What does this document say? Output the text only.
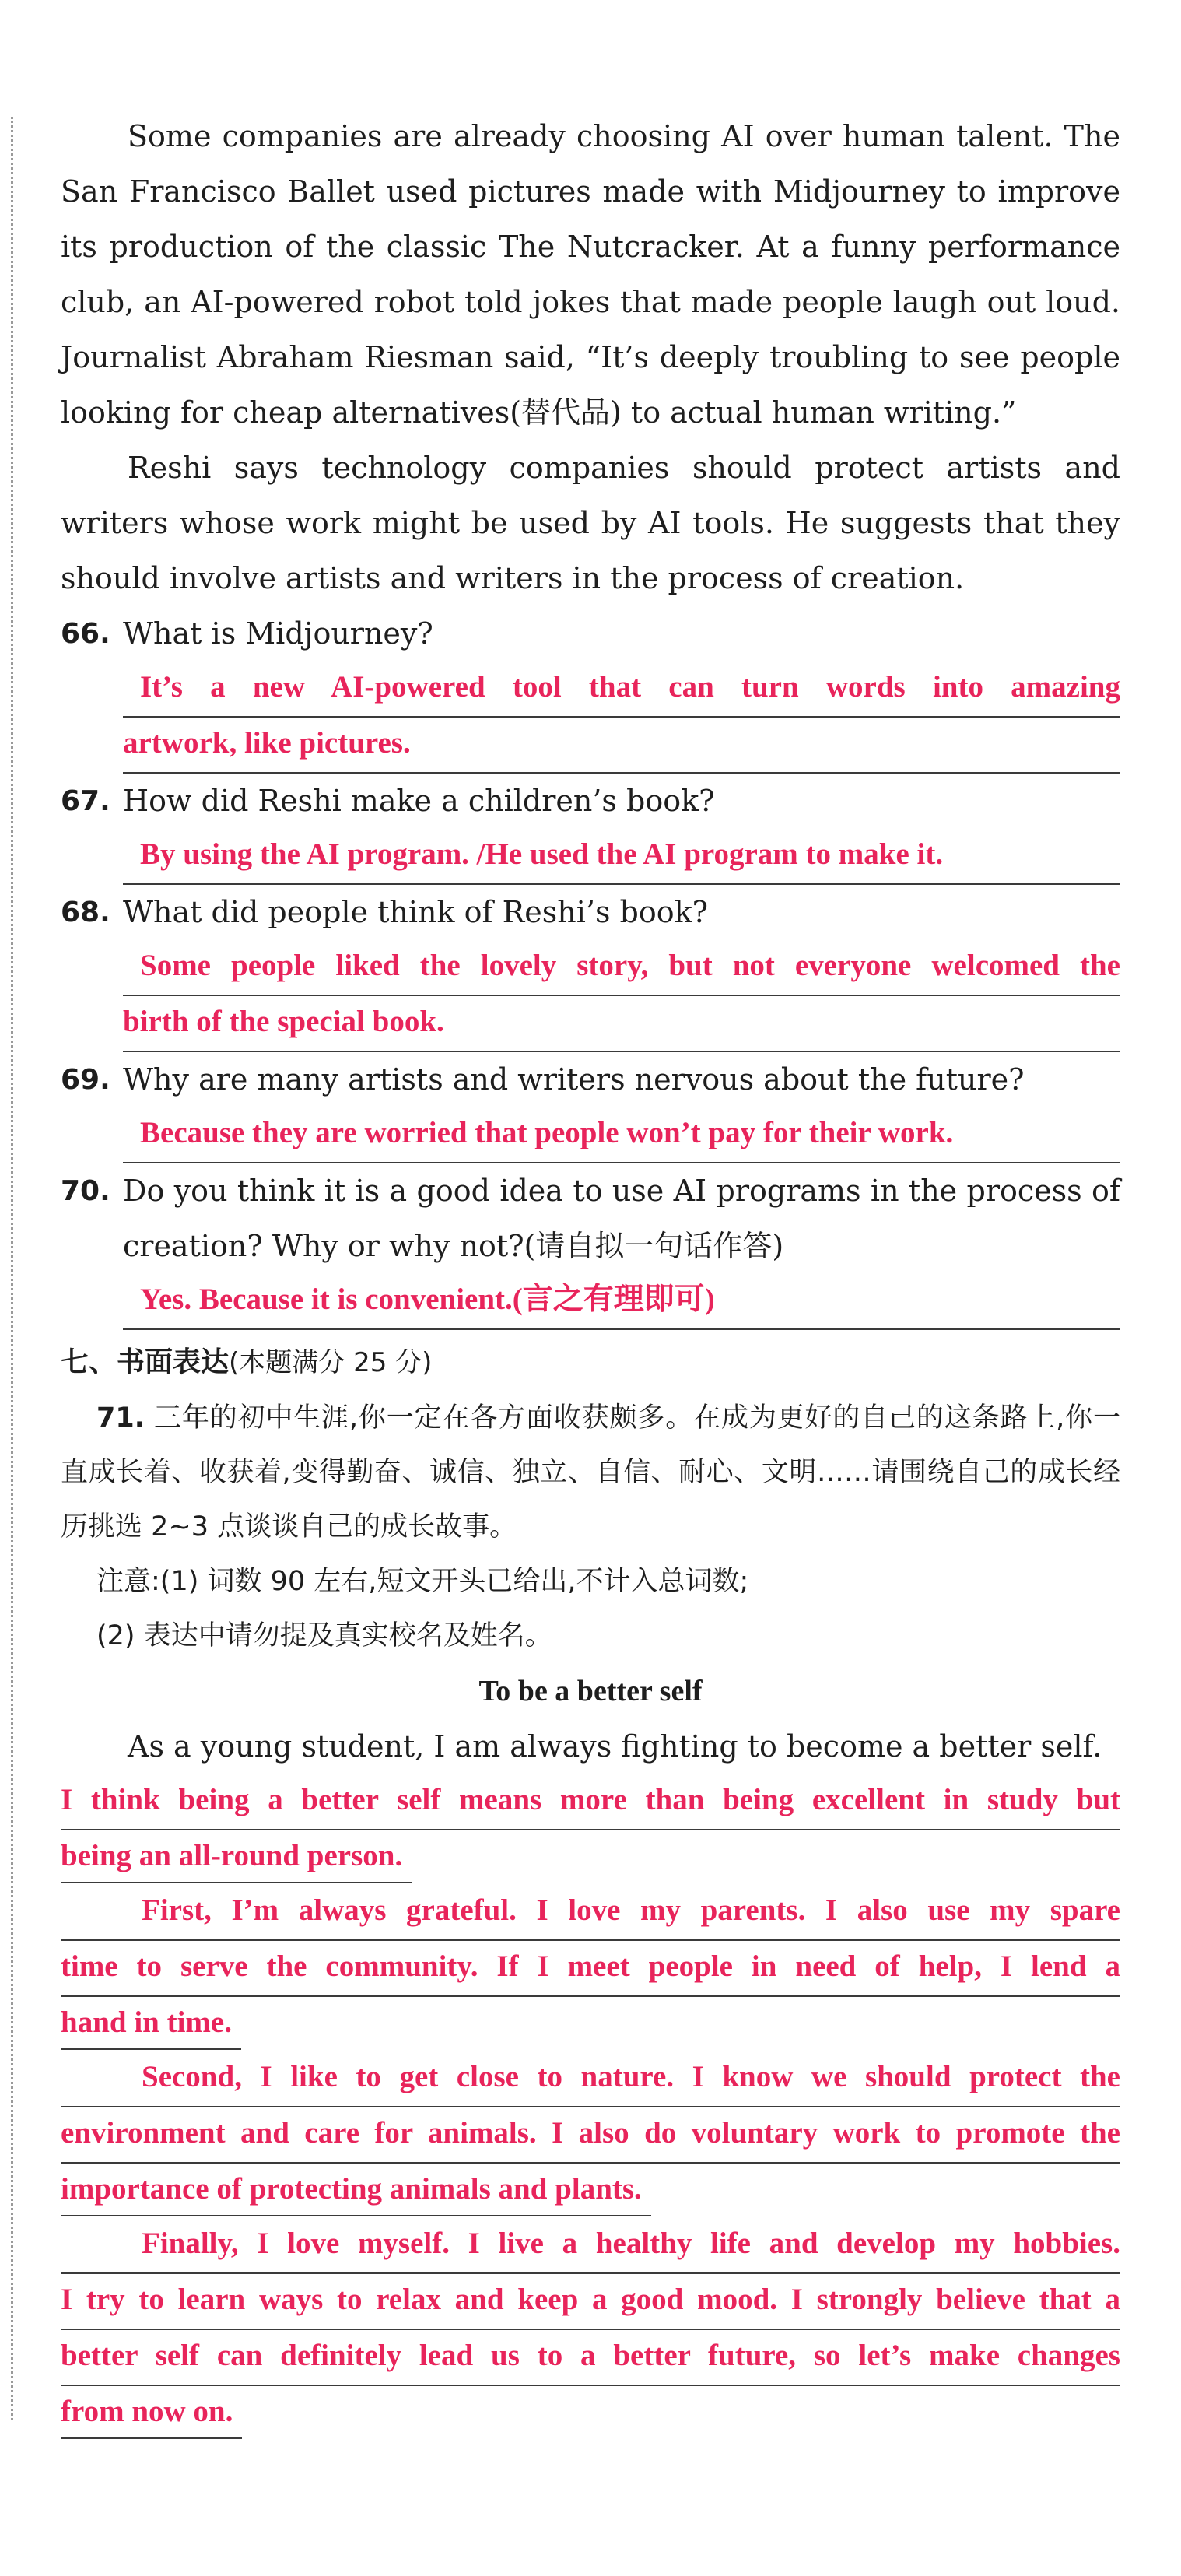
Some companies are already choosing AI over human talent. The San Francisco Ballet used pictures made with Midjourney to improve its production of the classic The Nutcracker. At a funny performance club, an AI-powered robot told jokes that made people laugh out loud. Journalist Abraham Riesman said, “It’s deeply troubling to see people looking for cheap alternatives(替代品) to actual human writing.”

Reshi says technology companies should protect artists and writers whose work might be used by AI tools. He suggests that they should involve artists and writers in the process of creation.

66. What is Midjourney?

It’s a new AI-powered tool that can turn words into amazing
artwork, like pictures.

67. How did Reshi make a children’s book?

By using the AI program. /He used the AI program to make it.

68. What did people think of Reshi’s book?

Some people liked the lovely story, but not everyone welcomed the
birth of the special book.

69. Why are many artists and writers nervous about the future?

Because they are worried that people won’t pay for their work.

70. Do you think it is a good idea to use AI programs in the process of creation? Why or why not?(请自拟一句话作答)

Yes. Because it is convenient.(言之有理即可)

七、书面表达(本题满分 25 分)

71. 三年的初中生涯,你一定在各方面收获颇多。在成为更好的自己的这条路上,你一直成长着、收获着,变得勤奋、诚信、独立、自信、耐心、文明……请围绕自己的成长经历挑选 2~3 点谈谈自己的成长故事。

注意:(1) 词数 90 左右,短文开头已给出,不计入总词数;

(2) 表达中请勿提及真实校名及姓名。

To be a better self

As a young student, I am always fighting to become a better self.

I think being a better self means more than being excellent in study but
being an all-round person.
First, I’m always grateful. I love my parents. I also use my spare
time to serve the community. If I meet people in need of help, I lend a
hand in time.
Second, I like to get close to nature. I know we should protect the
environment and care for animals. I also do voluntary work to promote the
importance of protecting animals and plants.
Finally, I love myself. I live a healthy life and develop my hobbies.
I try to learn ways to relax and keep a good mood. I strongly believe that a
better self can definitely lead us to a better future, so let’s make changes
from now on.
